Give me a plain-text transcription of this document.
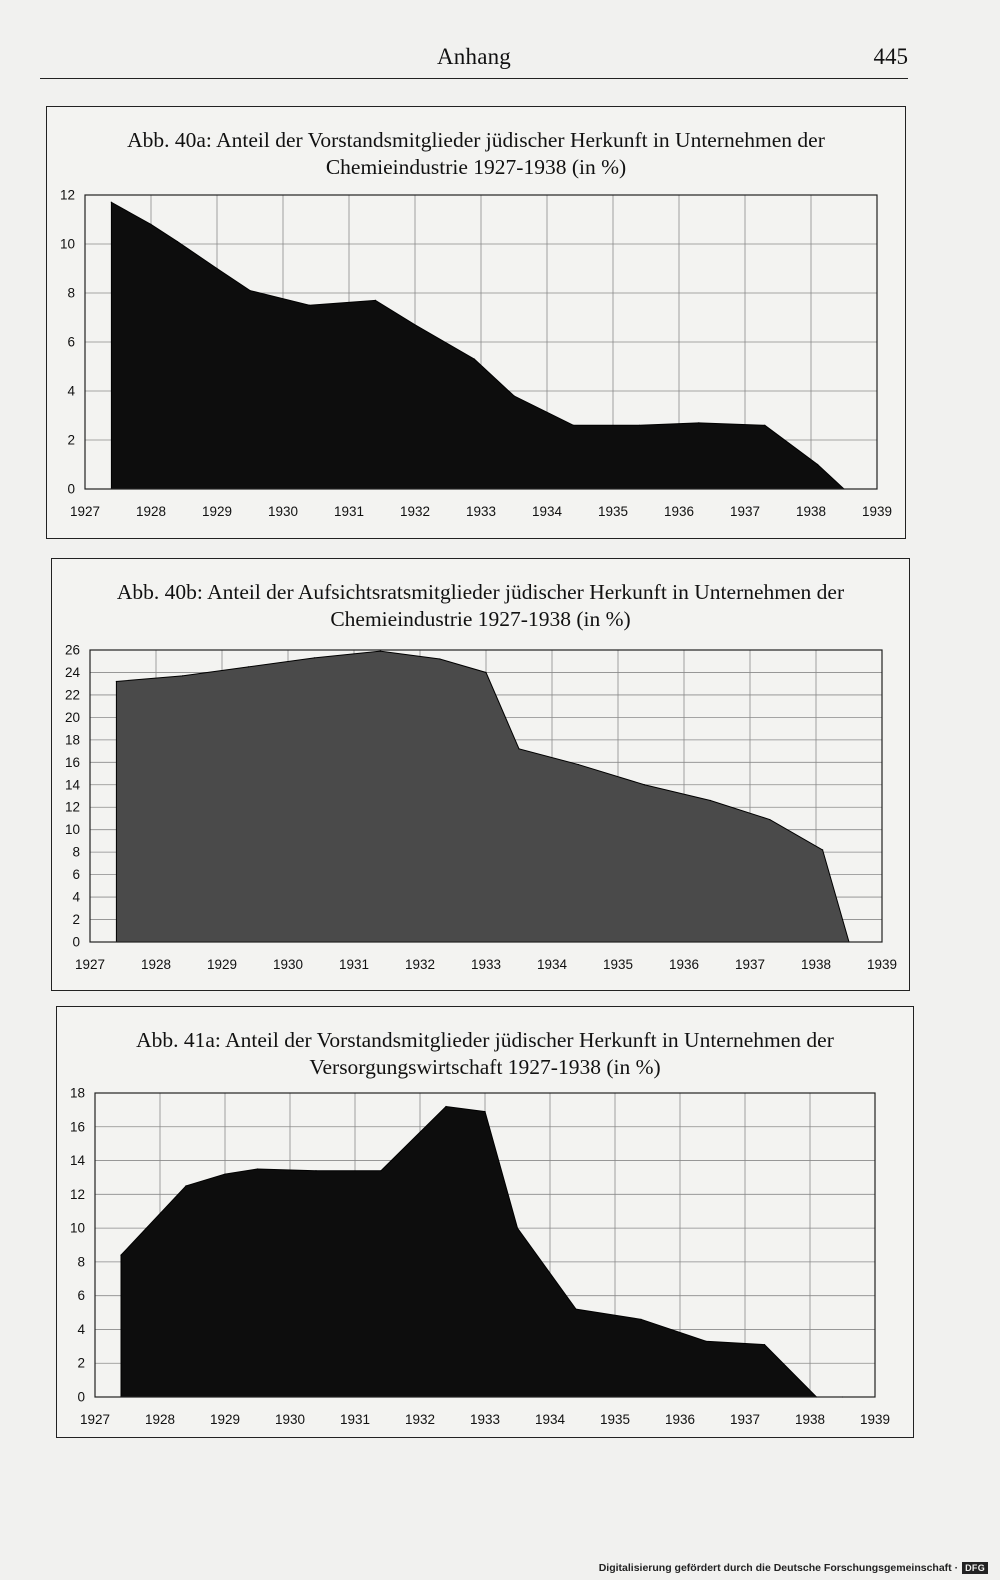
Anhang	445
Abb. 40a: Anteil der Vorstandsmitglieder jüdischer Herkunft in Unternehmen der
Chemieindustrie 1927-1938 (in %)
0
2
4
6
8
10
12
1927	1928	1929	1930	1931	1932	1933	1934	1935	1936	1937	1938	1939
Abb. 40b: Anteil der Aufsichtsratsmitglieder jüdischer Herkunft in Unternehmen der
Chemieindustrie 1927-1938 (in %)
0
2
4
6
8
10
12
14
16
18
20
22
24
26
1927	1928	1929	1930	1931	1932	1933	1934	1935	1936	1937	1938	1939
Abb. 41a: Anteil der Vorstandsmitglieder jüdischer Herkunft in Unternehmen der
Versorgungswirtschaft 1927-1938 (in %)
0
2
4
6
8
10
12
14
16
18
1927	1928	1929	1930	1931	1932	1933	1934	1935	1936	1937	1938	1939
Digitalisierung gefördert durch die Deutsche Forschungsgemeinschaft · DFG
